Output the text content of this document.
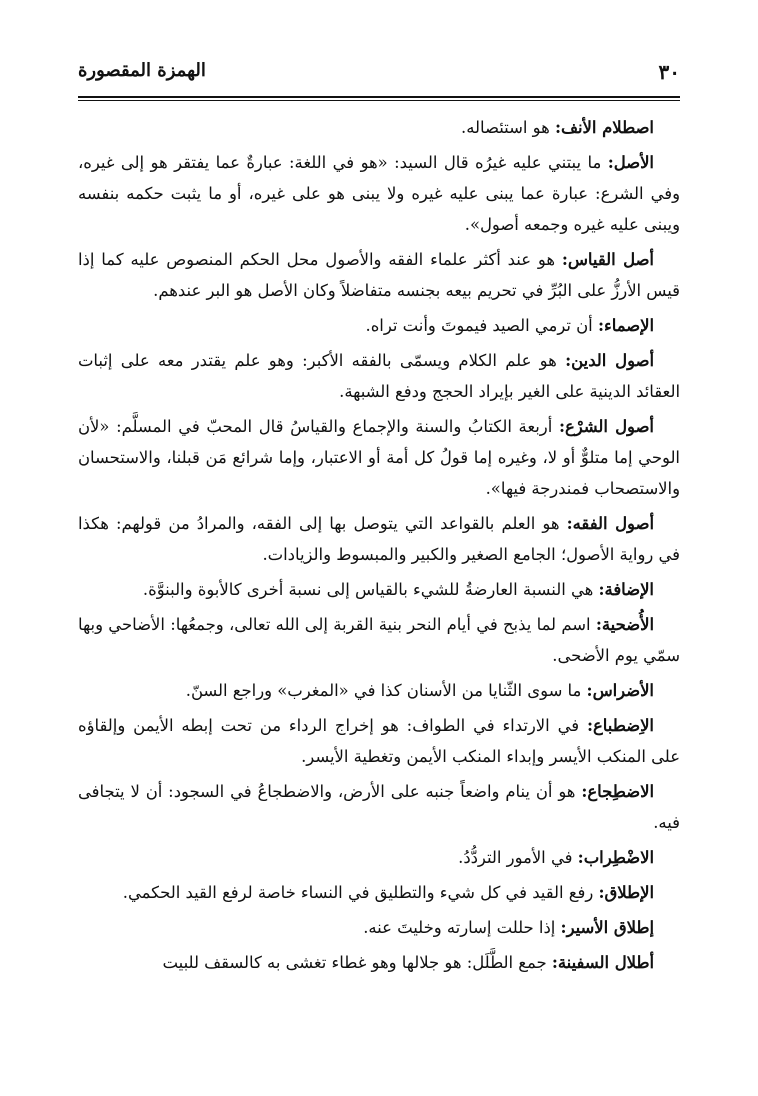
٣٠
الهمزة المقصورة

اصطلام الأنف: هو استئصاله.

الأصل: ما يبتني عليه غيرُه قال السيد: «هو في اللغة: عبارةٌ عما يفتقر هو إلى غيره، وفي الشرع: عبارة عما يبنى عليه غيره ولا يبنى هو على غيره، أو ما يثبت حكمه بنفسه ويبنى عليه غيره وجمعه أصول».

أصل القياس: هو عند أكثر علماء الفقه والأصول محل الحكم المنصوص عليه كما إذا قيس الأرزُّ على البُرِّ في تحريم بيعه بجنسه متفاضلاً وكان الأصل هو البر عندهم.

الإصماء: أن ترمي الصيد فيموتَ وأنت تراه.

أصول الدين: هو علم الكلام ويسمّى بالفقه الأكبر: وهو علم يقتدر معه على إثبات العقائد الدينية على الغير بإيراد الحجج ودفع الشبهة.

أصول الشرْع: أربعة الكتابُ والسنة والإجماع والقياسُ قال المحبّ في المسلَّم: «لأن الوحي إما متلوٌّ أو لا، وغيره إما قولُ كل أمة أو الاعتبار، وإما شرائع مَن قبلنا، والاستحسان والاستصحاب فمندرجة فيها».

أصول الفقه: هو العلم بالقواعد التي يتوصل بها إلى الفقه، والمرادُ من قولهم: هكذا في رواية الأصول؛ الجامع الصغير والكبير والمبسوط والزيادات.

الإضافة: هي النسبة العارضةُ للشيء بالقياس إلى نسبة أخرى كالأبوة والبنوَّة.

الأُضحية: اسم لما يذبح في أيام النحر بنية القربة إلى الله تعالى، وجمعُها: الأضاحي وبها سمّي يوم الأضحى.

الأضراس: ما سوى الثّنايا من الأسنان كذا في «المغرب» وراجع السنّ.

الاِضطباع: في الارتداء في الطواف: هو إخراج الرداء من تحت إبطه الأيمن وإلقاؤه على المنكب الأيسر وإبداء المنكب الأيمن وتغطية الأيسر.

الاضطِجاع: هو أن ينام واضعاً جنبه على الأرض، والاضطجاعُ في السجود: أن لا يتجافى فيه.

الاضْطِراب: في الأمور التردُّدُ.

الإطلاق: رفع القيد في كل شيء والتطليق في النساء خاصة لرفع القيد الحكمي.

إطلاق الأسير: إذا حللت إسارته وخليتَ عنه.

أطلال السفينة: جمع الطَّلَل: هو جلالها وهو غطاء تغشى به كالسقف للبيت
